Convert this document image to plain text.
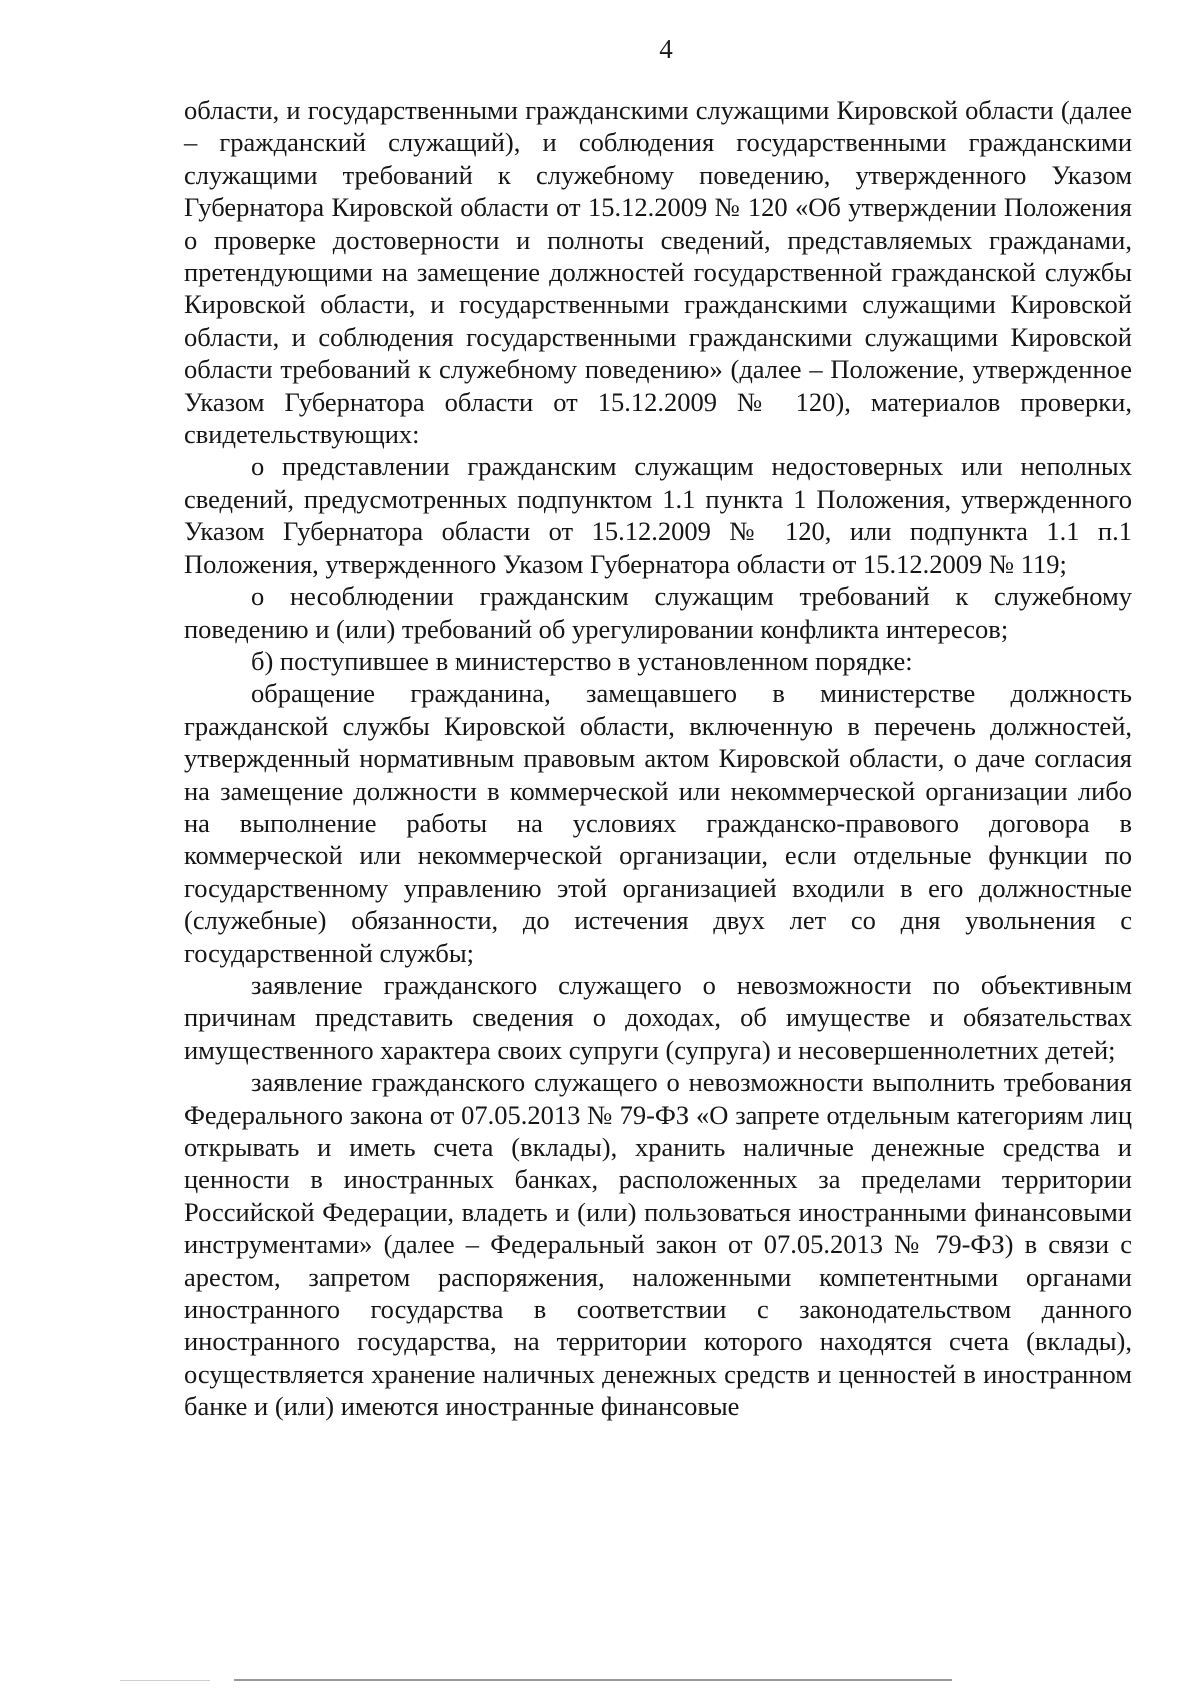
4

области, и государственными гражданскими служащими Кировской области (далее – гражданский служащий), и соблюдения государственными гражданскими служащими требований к служебному поведению, утвержденного Указом Губернатора Кировской области от 15.12.2009 № 120 «Об утверждении Положения о проверке достоверности и полноты сведений, представляемых гражданами, претендующими на замещение должностей государственной гражданской службы Кировской области, и государственными гражданскими служащими Кировской области, и соблюдения государственными гражданскими служащими Кировской области требований к служебному поведению» (далее – Положение, утвержденное Указом Губернатора области от 15.12.2009 № 120), материалов проверки, свидетельствующих:

о представлении гражданским служащим недостоверных или неполных сведений, предусмотренных подпунктом 1.1 пункта 1 Положения, утвержденного Указом Губернатора области от 15.12.2009 № 120, или подпункта 1.1 п.1 Положения, утвержденного Указом Губернатора области от 15.12.2009 № 119;

о несоблюдении гражданским служащим требований к служебному поведению и (или) требований об урегулировании конфликта интересов;

б) поступившее в министерство в установленном порядке:

обращение гражданина, замещавшего в министерстве должность гражданской службы Кировской области, включенную в перечень должностей, утвержденный нормативным правовым актом Кировской области, о даче согласия на замещение должности в коммерческой или некоммерческой организации либо на выполнение работы на условиях гражданско-правового договора в коммерческой или некоммерческой организации, если отдельные функции по государственному управлению этой организацией входили в его должностные (служебные) обязанности, до истечения двух лет со дня увольнения с государственной службы;

заявление гражданского служащего о невозможности по объективным причинам представить сведения о доходах, об имуществе и обязательствах имущественного характера своих супруги (супруга) и несовершеннолетних детей;

заявление гражданского служащего о невозможности выполнить требования Федерального закона от 07.05.2013 № 79-ФЗ «О запрете отдельным категориям лиц открывать и иметь счета (вклады), хранить наличные денежные средства и ценности в иностранных банках, расположенных за пределами территории Российской Федерации, владеть и (или) пользоваться иностранными финансовыми инструментами» (далее – Федеральный закон от 07.05.2013 № 79-ФЗ) в связи с арестом, запретом распоряжения, наложенными компетентными органами иностранного государства в соответствии с законодательством данного иностранного государства, на территории которого находятся счета (вклады), осуществляется хранение наличных денежных средств и ценностей в иностранном банке и (или) имеются иностранные финансовые
